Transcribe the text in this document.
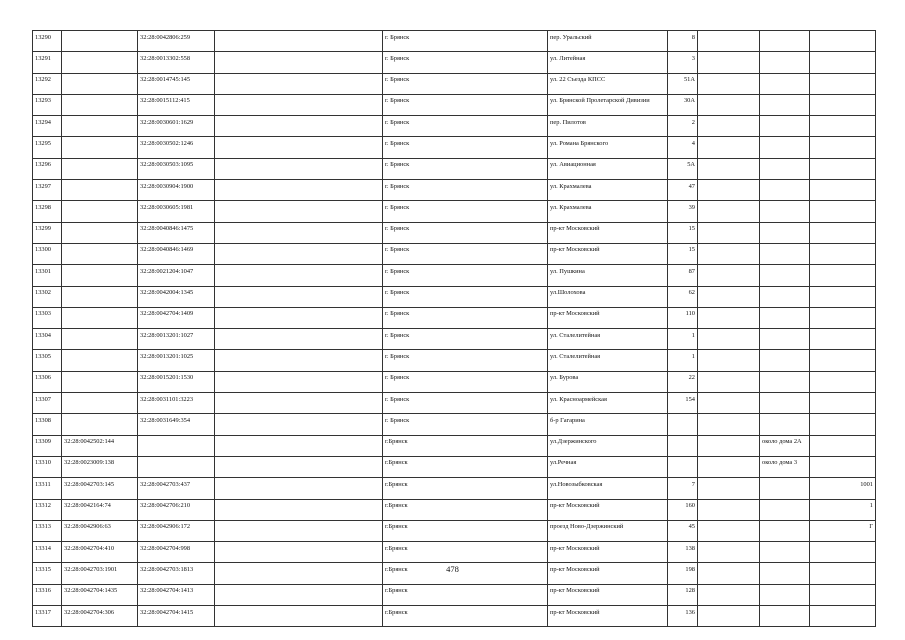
13290		32:28:0042806:259		г. Брянск	пер. Уральский	8			
13291		32:28:0013302:558		г. Брянск	ул. Литейная	3			
13292		32:28:0014745:145		г. Брянск	ул. 22 Съезда КПСС	51А			
13293		32:28:0015112:415		г. Брянск	ул. Брянской Пролетарской Дивизии	30А			
13294		32:28:0030601:1629		г. Брянск	пер. Пилотов	2			
13295		32:28:0030502:1246		г. Брянск	ул. Романа Брянского	4			
13296		32:28:0030503:1095		г. Брянск	ул. Авиационная	5А			
13297		32:28:0030904:1900		г. Брянск	ул. Крахмалева	47			
13298		32:28:0030605:1981		г. Брянск	ул. Крахмалева	39			
13299		32:28:0040846:1475		г. Брянск	пр-кт Московский	15			
13300		32:28:0040846:1469		г. Брянск	пр-кт Московский	15			
13301		32:28:0021204:1047		г. Брянск	ул. Пушкина	87			
13302		32:28:0042004:1345		г. Брянск	ул.Шолохова	62			
13303		32:28:0042704:1409		г. Брянск	пр-кт Московский	110			
13304		32:28:0013201:1027		г. Брянск	ул. Сталелитейная	1			
13305		32:28:0013201:1025		г. Брянск	ул. Сталелитейная	1			
13306		32:28:0015201:1530		г. Брянск	ул. Бурова	22			
13307		32:28:0031101:3223		г. Брянск	ул. Красноармейская	154			
13308		32:28:0031649:354		г. Брянск	б-р Гагарина				
13309	32:28:0042502:144			г.Брянск	ул.Дзержинского			около дома 2А	
13310	32:28:0023009:138			г.Брянск	ул.Речная			около дома 3	
13311	32:28:0042703:145	32:28:0042703:437		г.Брянск	ул.Новозыбковская	7			1001
13312	32:28:0042164:74	32:28:0042706:210		г.Брянск	пр-кт Московский	160			1
13313	32:28:0042906:63	32:28:0042906:172		г.Брянск	проезд Ново-Дзержинский	45			Г
13314	32:28:0042704:410	32:28:0042704:998		г.Брянск	пр-кт Московский	138			
13315	32:28:0042703:1901	32:28:0042703:1813		г.Брянск	пр-кт Московский	198			
13316	32:28:0042704:1435	32:28:0042704:1413		г.Брянск	пр-кт Московский	128			
13317	32:28:0042704:306	32:28:0042704:1415		г.Брянск	пр-кт Московский	136			
478
